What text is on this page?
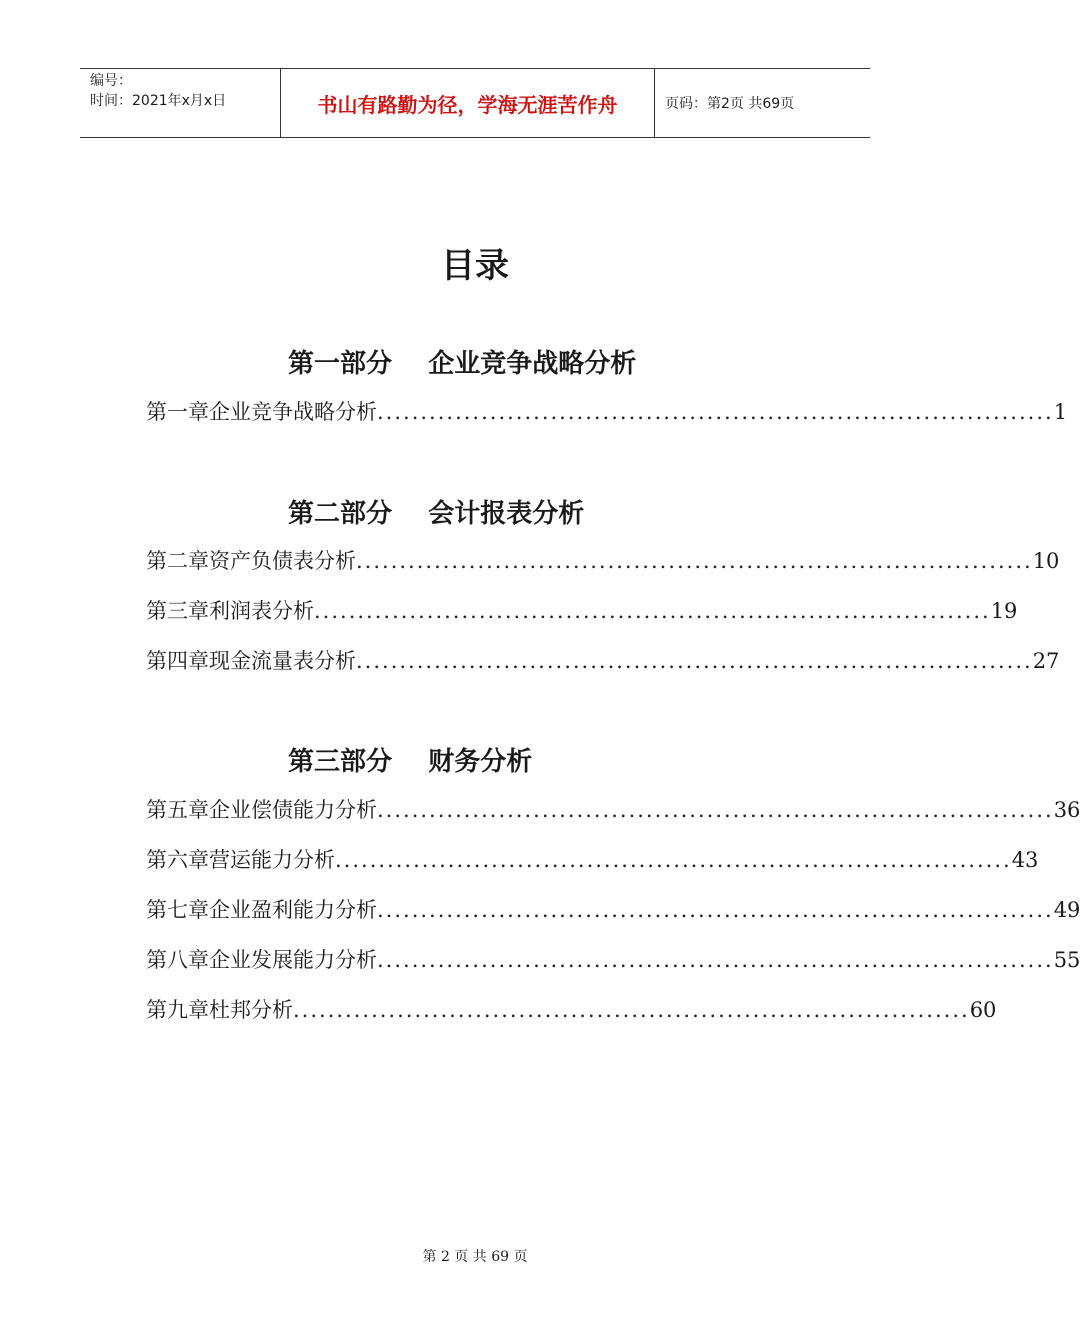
编号：
时间：2021年x月x日	书山有路勤为径，学海无涯苦作舟	页码：第2页 共69页
目录
第一部分    企业竞争战略分析
第一章 企业竞争战略分析 .............................................................................. 1
第二部分    会计报表分析
第二章 资产负债表分析 .............................................................................. 10
第三章 利润表分析 .............................................................................. 19
第四章 现金流量表分析 .............................................................................. 27
第三部分    财务分析
第五章 企业偿债能力分析 .............................................................................. 36
第六章 营运能力分析 .............................................................................. 43
第七章 企业盈利能力分析 .............................................................................. 49
第八章 企业发展能力分析 .............................................................................. 55
第九章 杜邦分析 .............................................................................. 60
第 2 页 共 69 页
